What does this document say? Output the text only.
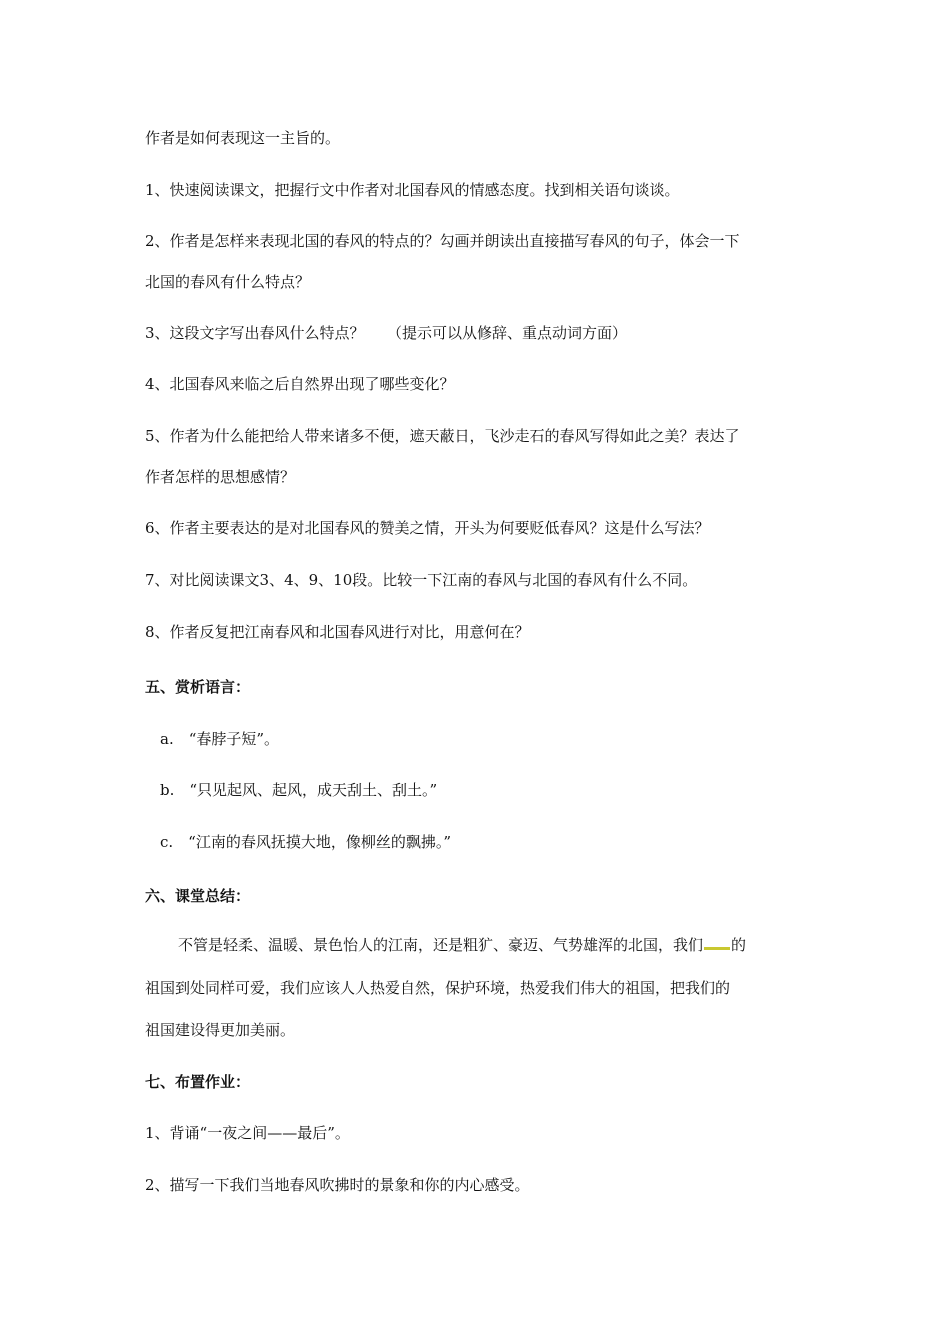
作者是如何表现这一主旨的。

1、快速阅读课文，把握行文中作者对北国春风的情感态度。找到相关语句谈谈。

2、作者是怎样来表现北国的春风的特点的？勾画并朗读出直接描写春风的句子，体会一下

北国的春风有什么特点？

3、这段文字写出春风什么特点？　　（提示可以从修辞、重点动词方面）

4、北国春风来临之后自然界出现了哪些变化？

5、作者为什么能把给人带来诸多不便，遮天蔽日，飞沙走石的春风写得如此之美？表达了

作者怎样的思想感情？

6、作者主要表达的是对北国春风的赞美之情，开头为何要贬低春风？这是什么写法？

7、对比阅读课文3、4、9、10段。比较一下江南的春风与北国的春风有什么不同。

8、作者反复把江南春风和北国春风进行对比，用意何在？

五、赏析语言：

a.　“春脖子短”。

b.　“只见起风、起风，成天刮土、刮土。”

c.　“江南的春风抚摸大地，像柳丝的飘拂。”

六、课堂总结：

不管是轻柔、温暖、景色怡人的江南，还是粗犷、豪迈、气势雄浑的北国，我们 的

祖国到处同样可爱，我们应该人人热爱自然，保护环境，热爱我们伟大的祖国，把我们的

祖国建设得更加美丽。

七、布置作业：

1、背诵“一夜之间——最后”。

2、描写一下我们当地春风吹拂时的景象和你的内心感受。
